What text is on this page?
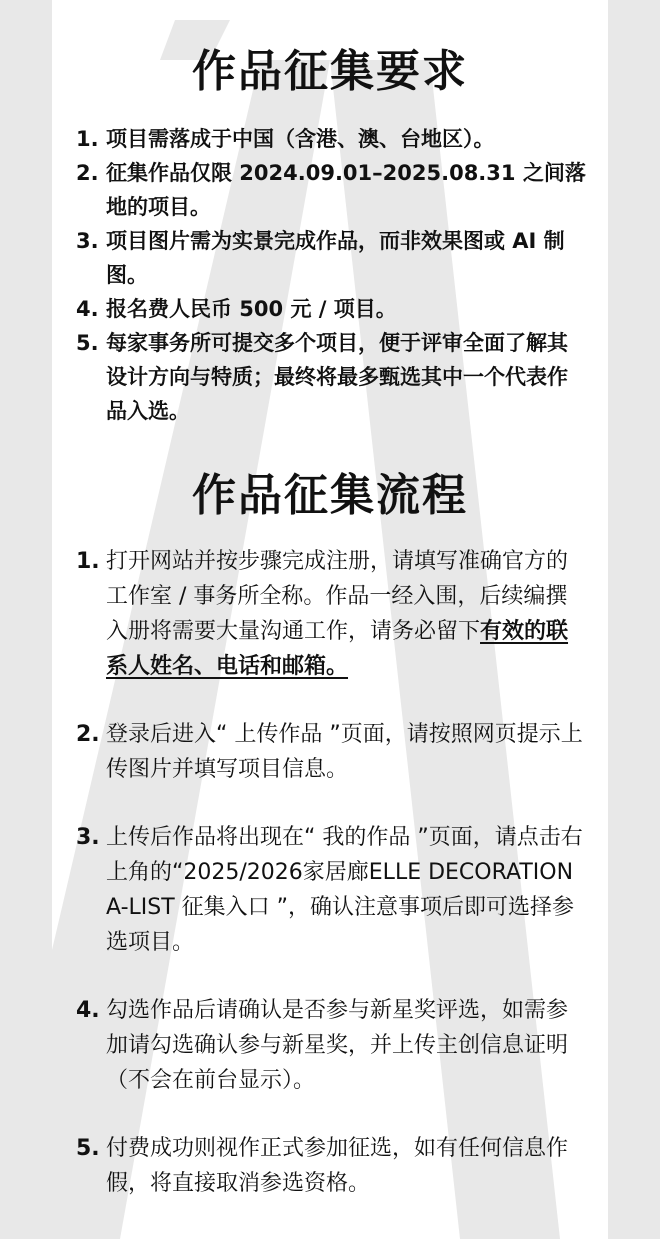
作品征集要求
1. 项目需落成于中国（含港、澳、台地区）。
2. 征集作品仅限 2024.09.01–2025.08.31 之间落地的项目。
3. 项目图片需为实景完成作品，而非效果图或 AI 制图。
4. 报名费人民币 500 元 / 项目。
5. 每家事务所可提交多个项目，便于评审全面了解其设计方向与特质；最终将最多甄选其中一个代表作品入选。
作品征集流程
1. 打开网站并按步骤完成注册，请填写准确官方的工作室 / 事务所全称。作品一经入围，后续编撰入册将需要大量沟通工作，请务必留下有效的联系人姓名、电话和邮箱。
2. 登录后进入“ 上传作品 ”页面，请按照网页提示上传图片并填写项目信息。
3. 上传后作品将出现在“ 我的作品 ”页面，请点击右上角的“2025/2026家居廊ELLE DECORATION A-LIST 征集入口 ”，确认注意事项后即可选择参选项目。
4. 勾选作品后请确认是否参与新星奖评选，如需参加请勾选确认参与新星奖，并上传主创信息证明（不会在前台显示）。
5. 付费成功则视作正式参加征选，如有任何信息作假，将直接取消参选资格。
